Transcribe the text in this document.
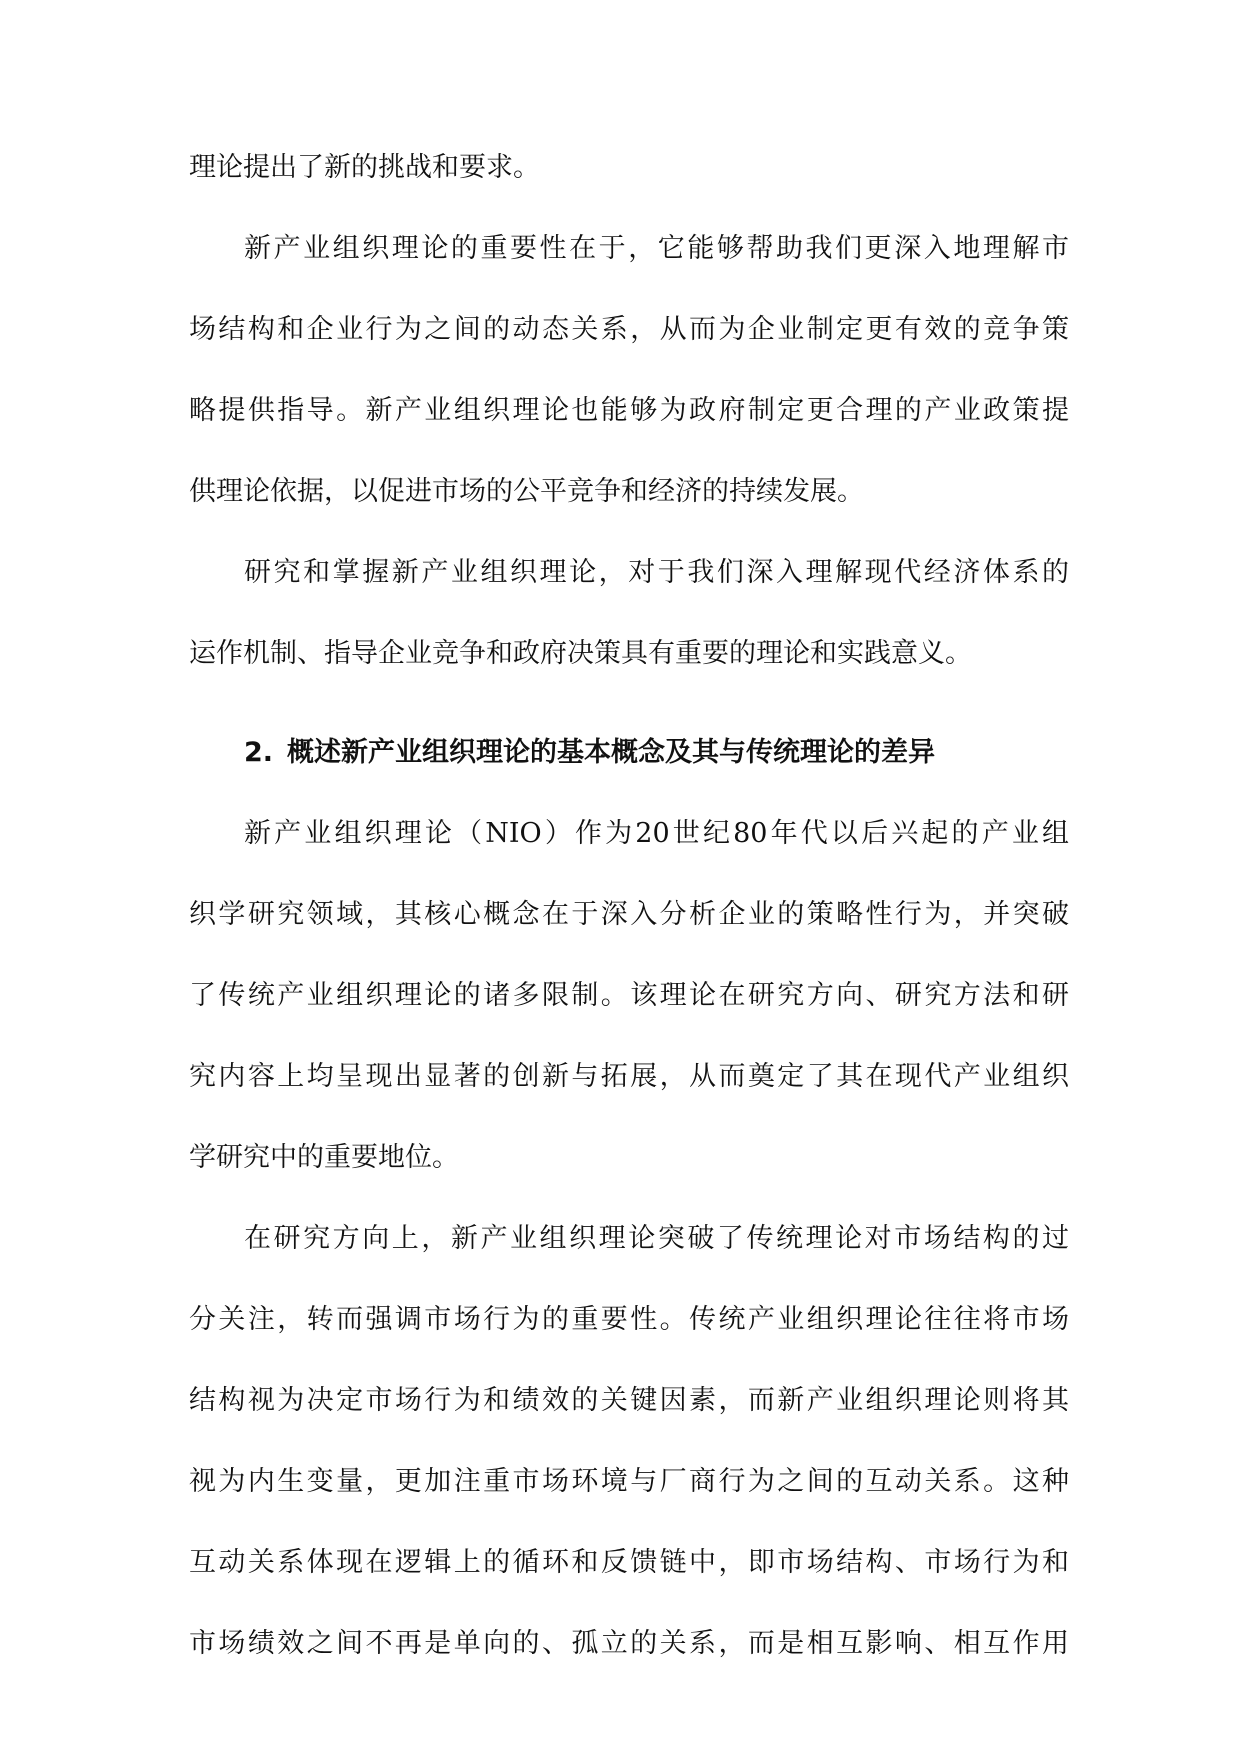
理论提出了新的挑战和要求。
新产业组织理论的重要性在于，它能够帮助我们更深入地理解市
场结构和企业行为之间的动态关系，从而为企业制定更有效的竞争策
略提供指导。新产业组织理论也能够为政府制定更合理的产业政策提
供理论依据，以促进市场的公平竞争和经济的持续发展。
研究和掌握新产业组织理论，对于我们深入理解现代经济体系的
运作机制、指导企业竞争和政府决策具有重要的理论和实践意义。
2. 概述新产业组织理论的基本概念及其与传统理论的差异
新产业组织理论（NIO）作为20世纪80年代以后兴起的产业组
织学研究领域，其核心概念在于深入分析企业的策略性行为，并突破
了传统产业组织理论的诸多限制。该理论在研究方向、研究方法和研
究内容上均呈现出显著的创新与拓展，从而奠定了其在现代产业组织
学研究中的重要地位。
在研究方向上，新产业组织理论突破了传统理论对市场结构的过
分关注，转而强调市场行为的重要性。传统产业组织理论往往将市场
结构视为决定市场行为和绩效的关键因素，而新产业组织理论则将其
视为内生变量，更加注重市场环境与厂商行为之间的互动关系。这种
互动关系体现在逻辑上的循环和反馈链中，即市场结构、市场行为和
市场绩效之间不再是单向的、孤立的关系，而是相互影响、相互作用
